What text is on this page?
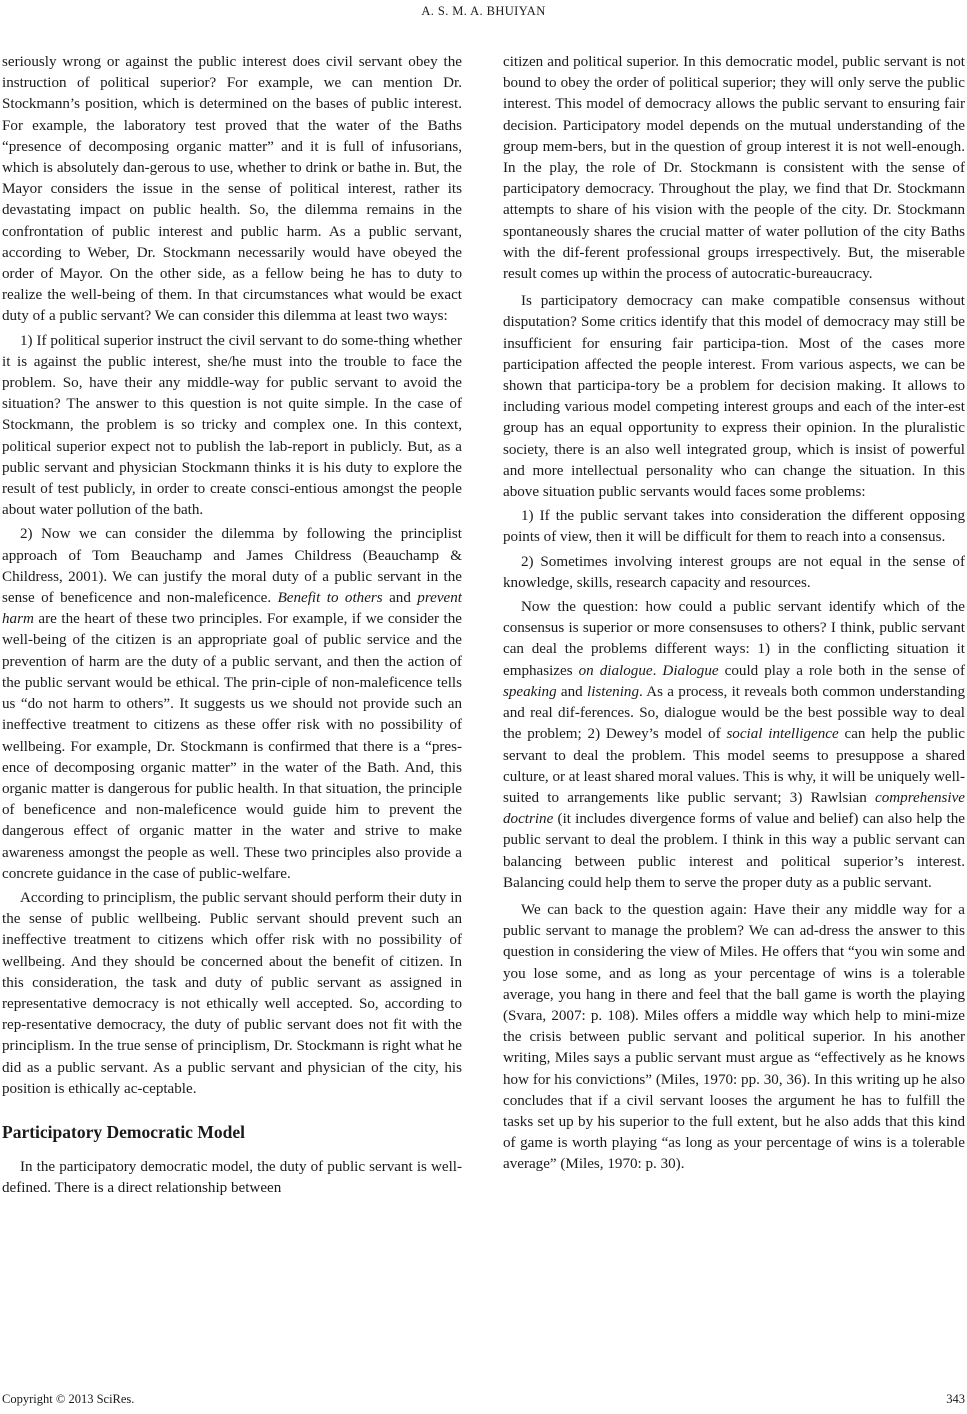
A. S. M. A. BHUIYAN

seriously wrong or against the public interest does civil servant obey the instruction of political superior? For example, we can mention Dr. Stockmann’s position, which is determined on the bases of public interest. For example, the laboratory test proved that the water of the Baths “presence of decomposing organic matter” and it is full of infusorians, which is absolutely dan-gerous to use, whether to drink or bathe in. But, the Mayor considers the issue in the sense of political interest, rather its devastating impact on public health. So, the dilemma remains in the confrontation of public interest and public harm. As a public servant, according to Weber, Dr. Stockmann necessarily would have obeyed the order of Mayor. On the other side, as a fellow being he has to duty to realize the well-being of them. In that circumstances what would be exact duty of a public servant? We can consider this dilemma at least two ways:

1) If political superior instruct the civil servant to do some-thing whether it is against the public interest, she/he must into the trouble to face the problem. So, have their any middle-way for public servant to avoid the situation? The answer to this question is not quite simple. In the case of Stockmann, the problem is so tricky and complex one. In this context, political superior expect not to publish the lab-report in publicly. But, as a public servant and physician Stockmann thinks it is his duty to explore the result of test publicly, in order to create consci-entious amongst the people about water pollution of the bath.

2) Now we can consider the dilemma by following the principlist approach of Tom Beauchamp and James Childress (Beauchamp & Childress, 2001). We can justify the moral duty of a public servant in the sense of beneficence and non-maleficence. Benefit to others and prevent harm are the heart of these two principles. For example, if we consider the well-being of the citizen is an appropriate goal of public service and the prevention of harm are the duty of a public servant, and then the action of the public servant would be ethical. The prin-ciple of non-maleficence tells us “do not harm to others”. It suggests us we should not provide such an ineffective treatment to citizens as these offer risk with no possibility of wellbeing. For example, Dr. Stockmann is confirmed that there is a “pres-ence of decomposing organic matter” in the water of the Bath. And, this organic matter is dangerous for public health. In that situation, the principle of beneficence and non-maleficence would guide him to prevent the dangerous effect of organic matter in the water and strive to make awareness amongst the people as well. These two principles also provide a concrete guidance in the case of public-welfare.

According to principlism, the public servant should perform their duty in the sense of public wellbeing. Public servant should prevent such an ineffective treatment to citizens which offer risk with no possibility of wellbeing. And they should be concerned about the benefit of citizen. In this consideration, the task and duty of public servant as assigned in representative democracy is not ethically well accepted. So, according to rep-resentative democracy, the duty of public servant does not fit with the principlism. In the true sense of principlism, Dr. Stockmann is right what he did as a public servant. As a public servant and physician of the city, his position is ethically ac-ceptable.

Participatory Democratic Model

In the participatory democratic model, the duty of public servant is well-defined. There is a direct relationship between

citizen and political superior. In this democratic model, public servant is not bound to obey the order of political superior; they will only serve the public interest. This model of democracy allows the public servant to ensuring fair decision. Participatory model depends on the mutual understanding of the group mem-bers, but in the question of group interest it is not well-enough. In the play, the role of Dr. Stockmann is consistent with the sense of participatory democracy. Throughout the play, we find that Dr. Stockmann attempts to share of his vision with the people of the city. Dr. Stockmann spontaneously shares the crucial matter of water pollution of the city Baths with the dif-ferent professional groups irrespectively. But, the miserable result comes up within the process of autocratic-bureaucracy.

Is participatory democracy can make compatible consensus without disputation? Some critics identify that this model of democracy may still be insufficient for ensuring fair participa-tion. Most of the cases more participation affected the people interest. From various aspects, we can be shown that participa-tory be a problem for decision making. It allows to including various model competing interest groups and each of the inter-est group has an equal opportunity to express their opinion. In the pluralistic society, there is an also well integrated group, which is insist of powerful and more intellectual personality who can change the situation. In this above situation public servants would faces some problems:

1) If the public servant takes into consideration the different opposing points of view, then it will be difficult for them to reach into a consensus.

2) Sometimes involving interest groups are not equal in the sense of knowledge, skills, research capacity and resources.

Now the question: how could a public servant identify which of the consensus is superior or more consensuses to others? I think, public servant can deal the problems different ways: 1) in the conflicting situation it emphasizes on dialogue. Dialogue could play a role both in the sense of speaking and listening. As a process, it reveals both common understanding and real dif-ferences. So, dialogue would be the best possible way to deal the problem; 2) Dewey’s model of social intelligence can help the public servant to deal the problem. This model seems to presuppose a shared culture, or at least shared moral values. This is why, it will be uniquely well-suited to arrangements like public servant; 3) Rawlsian comprehensive doctrine (it includes divergence forms of value and belief) can also help the public servant to deal the problem. I think in this way a public servant can balancing between public interest and political superior’s interest. Balancing could help them to serve the proper duty as a public servant.

We can back to the question again: Have their any middle way for a public servant to manage the problem? We can ad-dress the answer to this question in considering the view of Miles. He offers that “you win some and you lose some, and as long as your percentage of wins is a tolerable average, you hang in there and feel that the ball game is worth the playing (Svara, 2007: p. 108). Miles offers a middle way which help to mini-mize the crisis between public servant and political superior. In his another writing, Miles says a public servant must argue as “effectively as he knows how for his convictions” (Miles, 1970: pp. 30, 36). In this writing up he also concludes that if a civil servant looses the argument he has to fulfill the tasks set up by his superior to the full extent, but he also adds that this kind of game is worth playing “as long as your percentage of wins is a tolerable average” (Miles, 1970: p. 30).

Copyright © 2013 SciRes.	343
